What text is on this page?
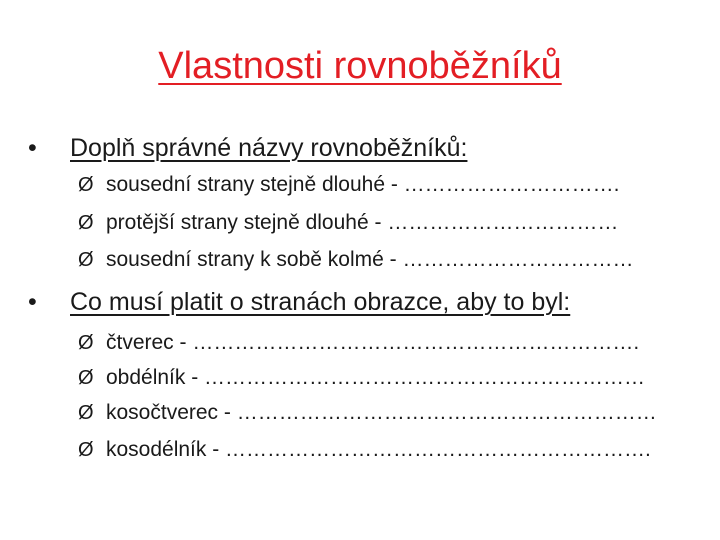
Vlastnosti rovnoběžníků
• Doplň správné názvy rovnoběžníků:
Ø sousední strany stejně dlouhé - ………………………….
Ø protější strany stejně dlouhé - ……………………………
Ø sousední strany k sobě kolmé - ……………………………
• Co musí platit o stranách obrazce, aby to byl:
Ø čtverec - ……………………………………………………….
Ø obdélník - ………………………………………………………
Ø kosočtverec - ……………………………………………………
Ø kosodélník - …………………………………………………….
